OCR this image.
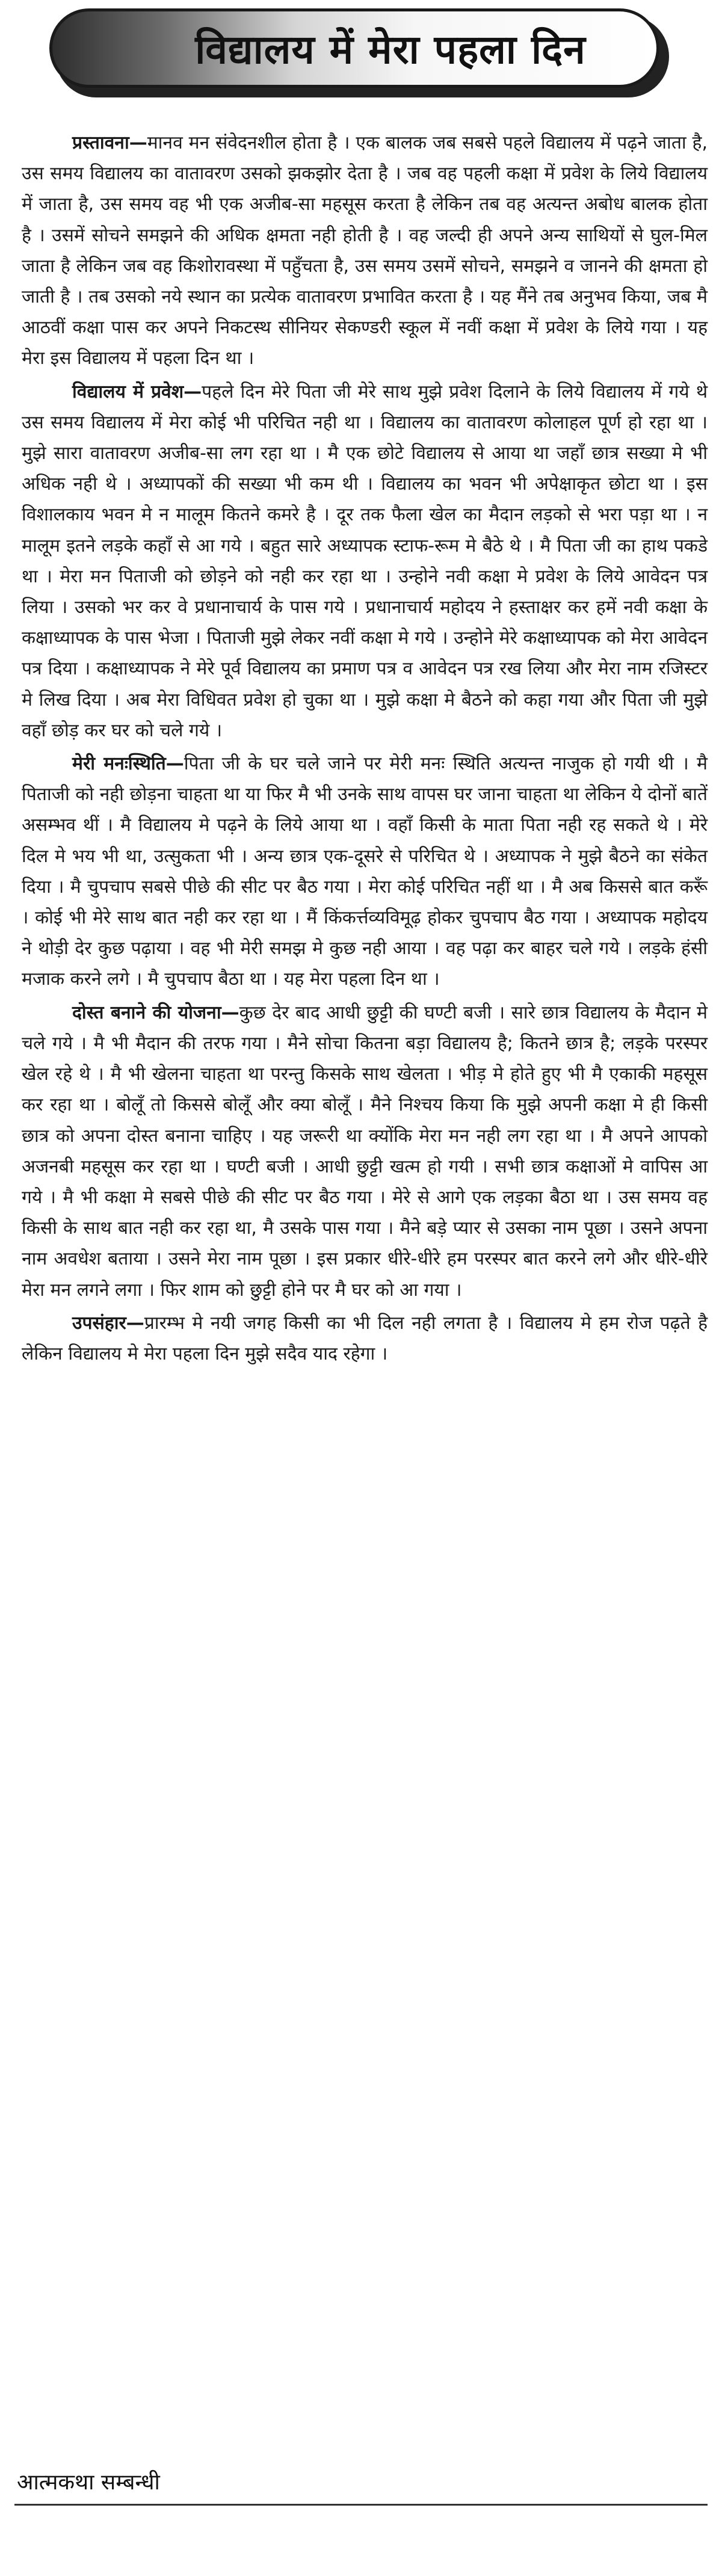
विद्यालय में मेरा पहला दिन

प्रस्तावना—मानव मन संवेदनशील होता है । एक बालक जब सबसे पहले विद्यालय में पढ़ने जाता है, उस समय विद्यालय का वातावरण उसको झकझोर देता है । जब वह पहली कक्षा में प्रवेश के लिये विद्यालय में जाता है, उस समय वह भी एक अजीब-सा महसूस करता है लेकिन तब वह अत्यन्त अबोध बालक होता है । उसमें सोचने समझने की अधिक क्षमता नही होती है । वह जल्दी ही अपने अन्य साथियों से घुल-मिल जाता है लेकिन जब वह किशोरावस्था में पहुँचता है, उस समय उसमें सोचने, समझने व जानने की क्षमता हो जाती है । तब उसको नये स्थान का प्रत्येक वातावरण प्रभावित करता है । यह मैंने तब अनुभव किया, जब मै आठवीं कक्षा पास कर अपने निकटस्थ सीनियर सेकण्डरी स्कूल में नवीं कक्षा में प्रवेश के लिये गया । यह मेरा इस विद्यालय में पहला दिन था ।

विद्यालय में प्रवेश—पहले दिन मेरे पिता जी मेरे साथ मुझे प्रवेश दिलाने के लिये विद्यालय में गये थे उस समय विद्यालय में मेरा कोई भी परिचित नही था । विद्यालय का वातावरण कोलाहल पूर्ण हो रहा था । मुझे सारा वातावरण अजीब-सा लग रहा था । मै एक छोटे विद्यालय से आया था जहाँ छात्र सख्या मे भी अधिक नही थे । अध्यापकों की सख्या भी कम थी । विद्यालय का भवन भी अपेक्षाकृत छोटा था । इस विशालकाय भवन मे न मालूम कितने कमरे है । दूर तक फैला खेल का मैदान लड़को से भरा पड़ा था । न मालूम इतने लड़के कहाँ से आ गये । बहुत सारे अध्यापक स्टाफ-रूम मे बैठे थे । मै पिता जी का हाथ पकडे था । मेरा मन पिताजी को छोड़ने को नही कर रहा था । उन्होने नवी कक्षा मे प्रवेश के लिये आवेदन पत्र लिया । उसको भर कर वे प्रधानाचार्य के पास गये । प्रधानाचार्य महोदय ने हस्ताक्षर कर हमें नवी कक्षा के कक्षाध्यापक के पास भेजा । पिताजी मुझे लेकर नवीं कक्षा मे गये । उन्होने मेरे कक्षाध्यापक को मेरा आवेदन पत्र दिया । कक्षाध्यापक ने मेरे पूर्व विद्यालय का प्रमाण पत्र व आवेदन पत्र रख लिया और मेरा नाम रजिस्टर मे लिख दिया । अब मेरा विधिवत प्रवेश हो चुका था । मुझे कक्षा मे बैठने को कहा गया और पिता जी मुझे वहाँ छोड़ कर घर को चले गये ।

मेरी मनःस्थिति—पिता जी के घर चले जाने पर मेरी मनः स्थिति अत्यन्त नाजुक हो गयी थी । मै पिताजी को नही छोड़ना चाहता था या फिर मै भी उनके साथ वापस घर जाना चाहता था लेकिन ये दोनों बातें असम्भव थीं । मै विद्यालय मे पढ़ने के लिये आया था । वहाँ किसी के माता पिता नही रह सकते थे । मेरे दिल मे भय भी था, उत्सुकता भी । अन्य छात्र एक-दूसरे से परिचित थे । अध्यापक ने मुझे बैठने का संकेत दिया । मै चुपचाप सबसे पीछे की सीट पर बैठ गया । मेरा कोई परिचित नहीं था । मै अब किससे बात करूँ । कोई भी मेरे साथ बात नही कर रहा था । मैं किंकर्त्तव्यविमूढ़ होकर चुपचाप बैठ गया । अध्यापक महोदय ने थोड़ी देर कुछ पढ़ाया । वह भी मेरी समझ मे कुछ नही आया । वह पढ़ा कर बाहर चले गये । लड़के हंसी मजाक करने लगे । मै चुपचाप बैठा था । यह मेरा पहला दिन था ।

दोस्त बनाने की योजना—कुछ देर बाद आधी छुट्टी की घण्टी बजी । सारे छात्र विद्यालय के मैदान मे चले गये । मै भी मैदान की तरफ गया । मैने सोचा कितना बड़ा विद्यालय है; कितने छात्र है; लड़के परस्पर खेल रहे थे । मै भी खेलना चाहता था परन्तु किसके साथ खेलता । भीड़ मे होते हुए भी मै एकाकी महसूस कर रहा था । बोलूँ तो किससे बोलूँ और क्या बोलूँ । मैने निश्चय किया कि मुझे अपनी कक्षा मे ही किसी छात्र को अपना दोस्त बनाना चाहिए । यह जरूरी था क्योंकि मेरा मन नही लग रहा था । मै अपने आपको अजनबी महसूस कर रहा था । घण्टी बजी । आधी छुट्टी खत्म हो गयी । सभी छात्र कक्षाओं मे वापिस आ गये । मै भी कक्षा मे सबसे पीछे की सीट पर बैठ गया । मेरे से आगे एक लड़का बैठा था । उस समय वह किसी के साथ बात नही कर रहा था, मै उसके पास गया । मैने बड़े प्यार से उसका नाम पूछा । उसने अपना नाम अवधेश बताया । उसने मेरा नाम पूछा । इस प्रकार धीरे-धीरे हम परस्पर बात करने लगे और धीरे-धीरे मेरा मन लगने लगा । फिर शाम को छुट्टी होने पर मै घर को आ गया ।

उपसंहार—प्रारम्भ मे नयी जगह किसी का भी दिल नही लगता है । विद्यालय मे हम रोज पढ़ते है लेकिन विद्यालय मे मेरा पहला दिन मुझे सदैव याद रहेगा ।

आत्मकथा सम्बन्धी
